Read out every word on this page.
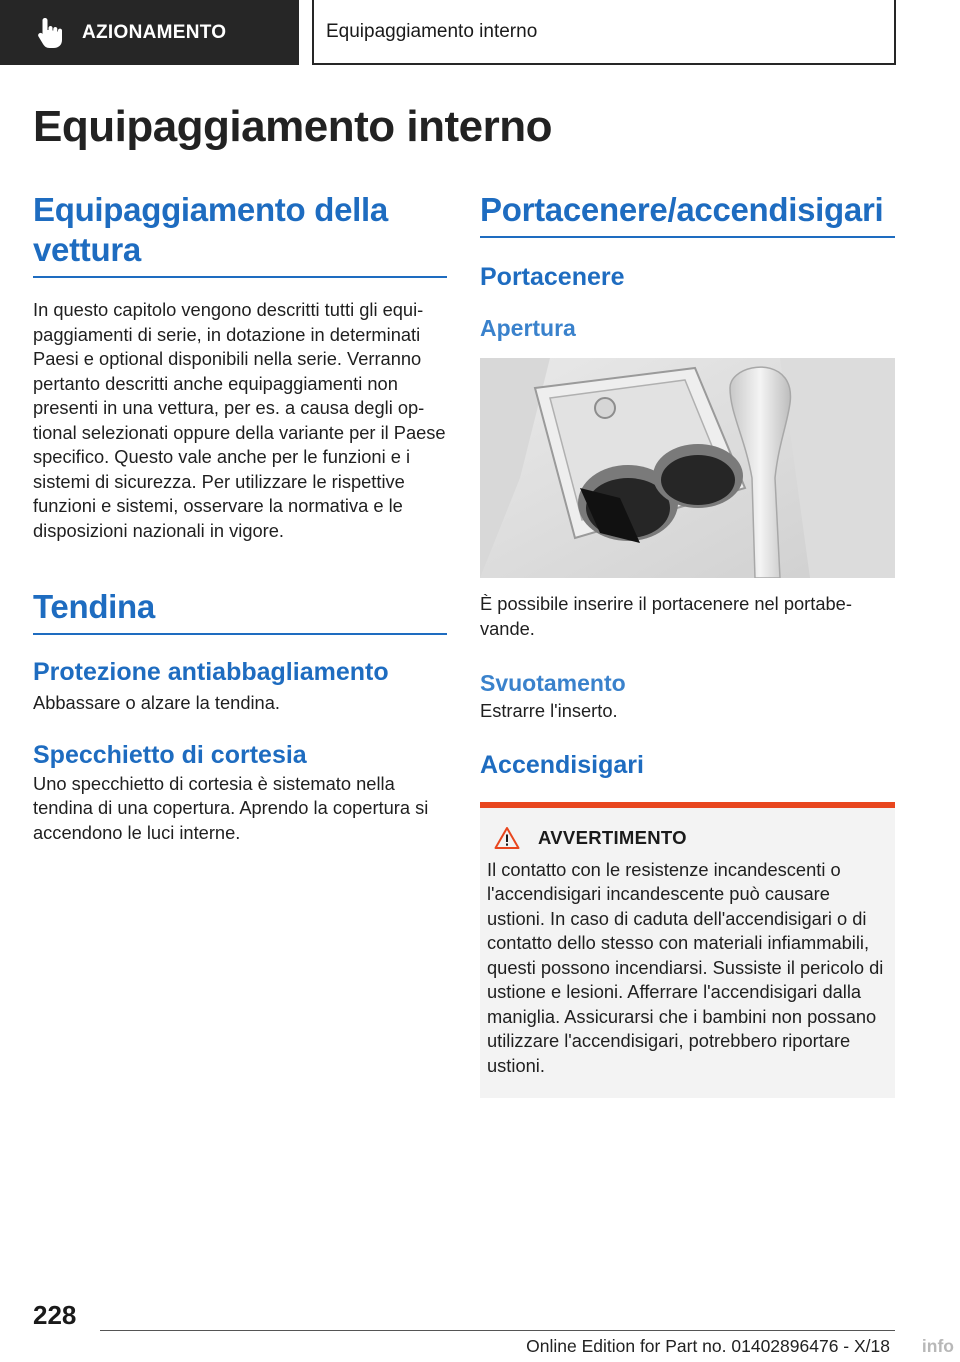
AZIONAMENTO	Equipaggiamento interno
Equipaggiamento interno
Equipaggiamento della vettura

In questo capitolo vengono descritti tutti gli equipaggiamenti di serie, in dotazione in determinati Paesi e optional disponibili nella serie. Verranno pertanto descritti anche equipaggiamenti non presenti in una vettura, per es. a causa degli optional selezionati oppure della variante per il Paese specifico. Questo vale anche per le funzioni e i sistemi di sicurezza. Per utilizzare le rispettive funzioni e sistemi, osservare la normativa e le disposizioni nazionali in vigore.

Tendina
Protezione antiabbagliamento

Abbassare o alzare la tendina.

Specchietto di cortesia

Uno specchietto di cortesia è sistemato nella tendina di una copertura. Aprendo la copertura si accendono le luci interne.

Portacenere/accendisigari
Portacenere
Apertura

È possibile inserire il portacenere nel portabevande.

Svuotamento

Estrarre l'inserto.

Accendisigari
AVVERTIMENTO

Il contatto con le resistenze incandescenti o l'accendisigari incandescente può causare ustioni. In caso di caduta dell'accendisigari o di contatto dello stesso con materiali infiammabili, questi possono incendiarsi. Sussiste il pericolo di ustione e lesioni. Afferrare l'accendisigari dalla maniglia. Assicurarsi che i bambini non possano utilizzare l'accendisigari, potrebbero riportare ustioni.

228
Online Edition for Part no. 01402896476 - X/18 info
